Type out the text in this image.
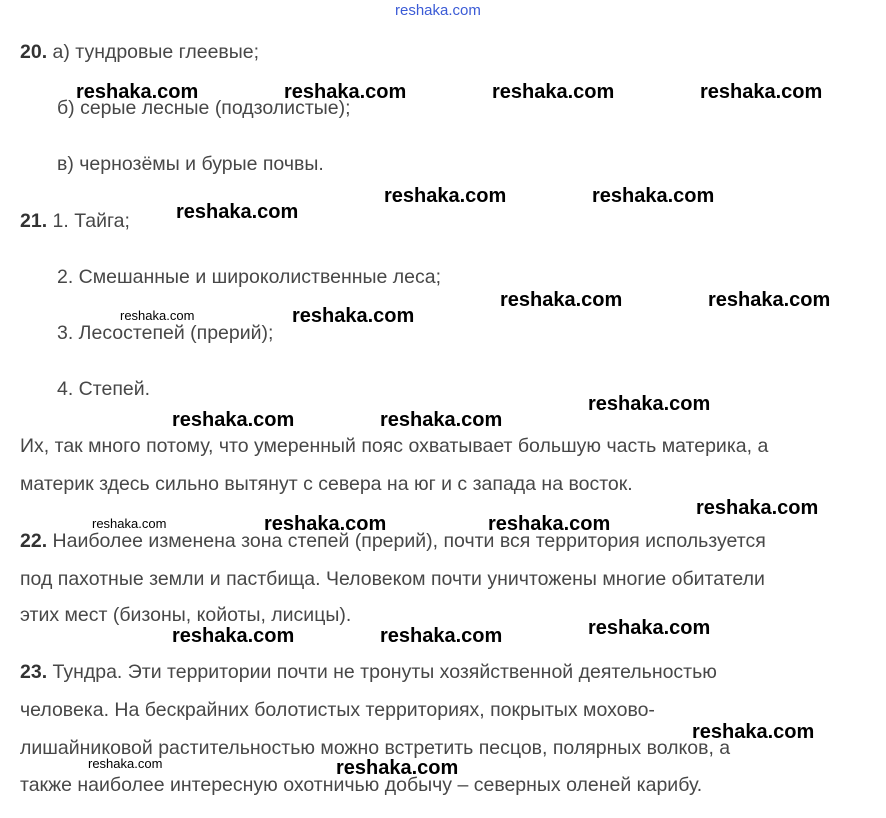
reshaka.com
20. а) тундровые глеевые;
б) серые лесные (подзолистые);
в) чернозёмы и бурые почвы.
21. 1. Тайга;
2. Смешанные и широколиственные леса;
3. Лесостепей (прерий);
4. Степей.
Их, так много потому, что умеренный пояс охватывает большую часть материка, а
материк здесь сильно вытянут с севера на юг и с запада на восток.
22. Наиболее изменена зона степей (прерий), почти вся территория используется
под пахотные земли и пастбища. Человеком почти уничтожены многие обитатели
этих мест (бизоны, койоты, лисицы).
23. Тундра. Эти территории почти не тронуты хозяйственной деятельностью
человека. На бескрайних болотистых территориях, покрытых мохово-
лишайниковой растительностью можно встретить песцов, полярных волков, а
также наиболее интересную охотничью добычу – северных оленей карибу.
reshaka.com	reshaka.com	reshaka.com	reshaka.com
reshaka.com	reshaka.com
reshaka.com
reshaka.com	reshaka.com
reshaka.com	reshaka.com
reshaka.com
reshaka.com	reshaka.com
reshaka.com
reshaka.com	reshaka.com	reshaka.com
reshaka.com
reshaka.com	reshaka.com
reshaka.com
reshaka.com	reshaka.com
